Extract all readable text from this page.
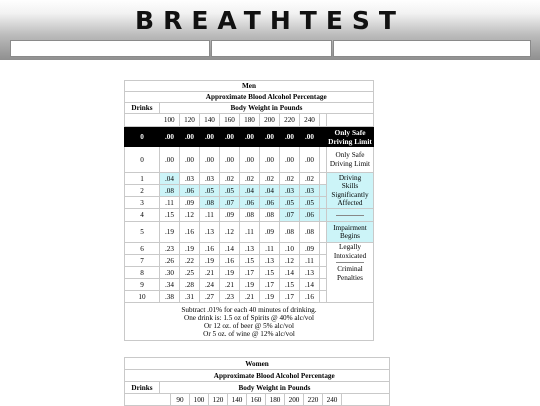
BREATHTEST
Men										
	Approximate Blood Alcohol Percentage									
Drinks	Body Weight in Pounds									
	100	120	140	160	180	200	220	240		
0	.00	.00	.00	.00	.00	.00	.00	.00		Only Safe Driving Limit
0	.00	.00	.00	.00	.00	.00	.00	.00		Only Safe Driving Limit
1	.04	.03	.03	.02	.02	.02	.02	.02		Driving
Skills
Significantly
Affected

2	.08	.06	.05	.05	.04	.04	.03	.03		
3	.11	.09	.08	.07	.06	.06	.05	.05		
4	.15	.12	.11	.09	.08	.08	.07	.06		

5	.19	.16	.13	.12	.11	.09	.08	.08		Impairment
Begins

6	.23	.19	.16	.14	.13	.11	.10	.09		Legally
Intoxicated
Criminal
Penalties

7	.26	.22	.19	.16	.15	.13	.12	.11		
8	.30	.25	.21	.19	.17	.15	.14	.13		
9	.34	.28	.24	.21	.19	.17	.15	.14		
10	.38	.31	.27	.23	.21	.19	.17	.16		

Subtract .01% for each 40 minutes of drinking.
One drink is: 1.5 oz of Spirits @ 40% alc/vol
Or 12 oz. of beer @ 5% alc/vol
Or 5 oz. of wine @ 12% alc/vol										
Women											
	Approximate Blood Alcohol Percentage										
Drinks	Body Weight in Pounds										
		90	100	120	140	160	180	200	220	240	
